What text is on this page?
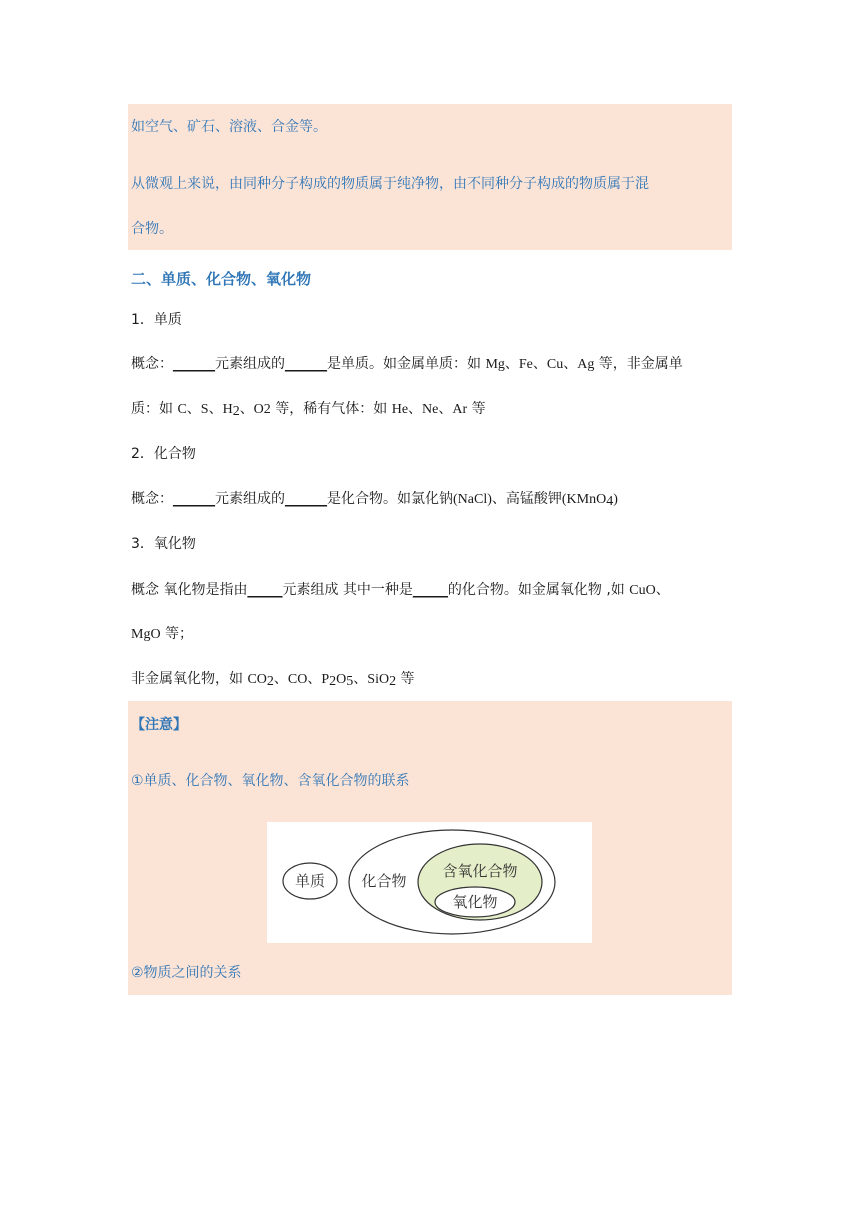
如空气、矿石、溶液、合金等。
从微观上来说，由同种分子构成的物质属于纯净物，由不同种分子构成的物质属于混
合物。
二、单质、化合物、氧化物
1．单质
概念：______元素组成的______是单质。如金属单质：如 Mg、Fe、Cu、Ag 等，非金属单
质：如 C、S、$H_2$、O2 等，稀有气体：如 He、Ne、Ar 等
2．化合物
概念：______元素组成的______是化合物。如氯化钠(NaCl)、高锰酸钾(KMnO$_4$)
3．氧化物
概念 氧化物是指由_____元素组成 其中一种是_____的化合物。如金属氧化物 ,如 CuO、
MgO 等；
非金属氧化物，如 $CO_2$、CO、$P_2O_5$、SiO$_2$ 等
【注意】
①单质、化合物、氧化物、含氧化合物的联系
单质 化合物
含氧化合物
氧化物
②物质之间的关系
